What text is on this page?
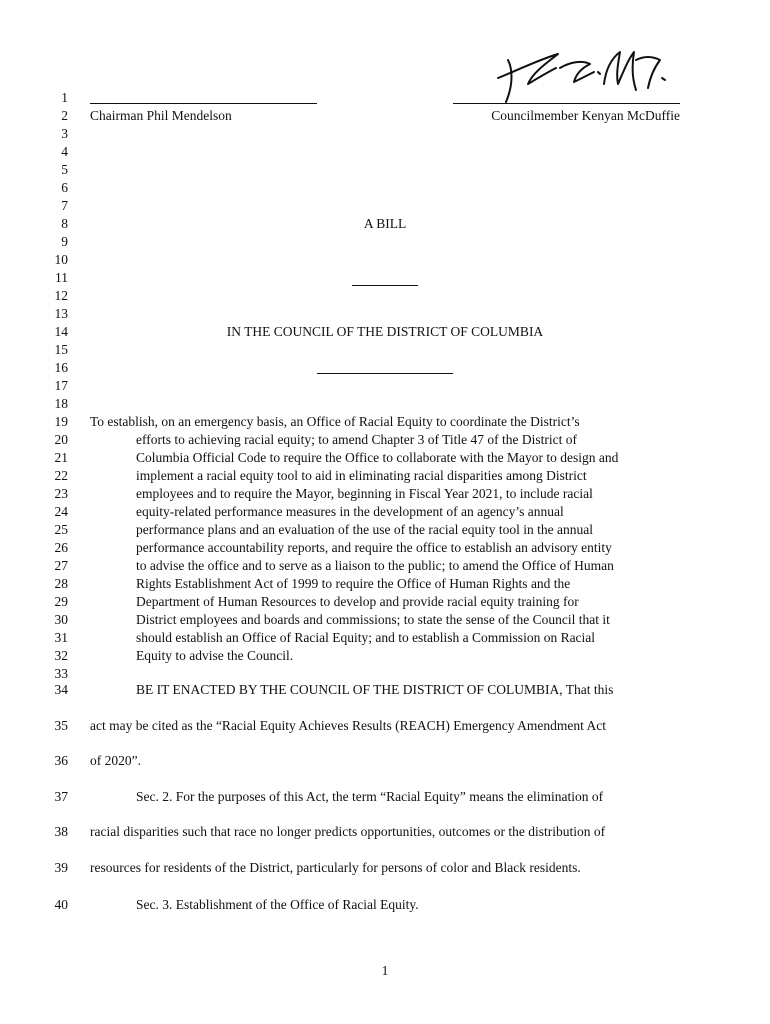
Chairman Phil Mendelson	Councilmember Kenyan McDuffie
1
2
3
4
5
6
7
8
9
10
11
12
13
14
15
16
17
18
19
20
21
22
23
24
25
26
27
28
29
30
31
32
33
34
35
36
37
38
39
40
A BILL
IN THE COUNCIL OF THE DISTRICT OF COLUMBIA
To establish, on an emergency basis, an Office of Racial Equity to coordinate the District’s
efforts to achieving racial equity; to amend Chapter 3 of Title 47 of the District of
Columbia Official Code to require the Office to collaborate with the Mayor to design and
implement a racial equity tool to aid in eliminating racial disparities among District
employees and to require the Mayor, beginning in Fiscal Year 2021, to include racial
equity-related performance measures in the development of an agency’s annual
performance plans and an evaluation of the use of the racial equity tool in the annual
performance accountability reports, and require the office to establish an advisory entity
to advise the office and to serve as a liaison to the public; to amend the Office of Human
Rights Establishment Act of 1999 to require the Office of Human Rights and the
Department of Human Resources to develop and provide racial equity training for
District employees and boards and commissions; to state the sense of the Council that it
should establish an Office of Racial Equity; and to establish a Commission on Racial
Equity to advise the Council.
BE IT ENACTED BY THE COUNCIL OF THE DISTRICT OF COLUMBIA, That this
act may be cited as the “Racial Equity Achieves Results (REACH) Emergency Amendment Act
of 2020”.
Sec. 2. For the purposes of this Act, the term “Racial Equity” means the elimination of
racial disparities such that race no longer predicts opportunities, outcomes or the distribution of
resources for residents of the District, particularly for persons of color and Black residents.
Sec. 3. Establishment of the Office of Racial Equity.
1
